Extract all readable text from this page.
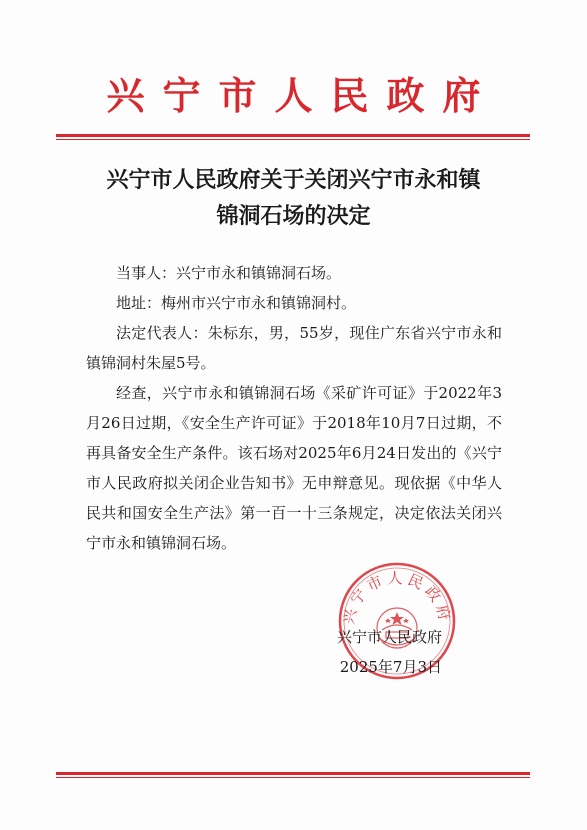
兴宁市人民政府
兴宁市人民政府关于关闭兴宁市永和镇
锦洞石场的决定

当事人：兴宁市永和镇锦洞石场。

地址：梅州市兴宁市永和镇锦洞村。

法定代表人：朱标东，男，55岁，现住广东省兴宁市永和镇锦洞村朱屋5号。

经查，兴宁市永和镇锦洞石场《采矿许可证》于2022年3月26日过期，《安全生产许可证》于2018年10月7日过期，不再具备安全生产条件。该石场对2025年6月24日发出的《兴宁市人民政府拟关闭企业告知书》无申辩意见。现依据《中华人民共和国安全生产法》第一百一十三条规定，决定依法关闭兴宁市永和镇锦洞石场。

兴宁市人民政府
兴宁市人民政府
2025年7月3日
